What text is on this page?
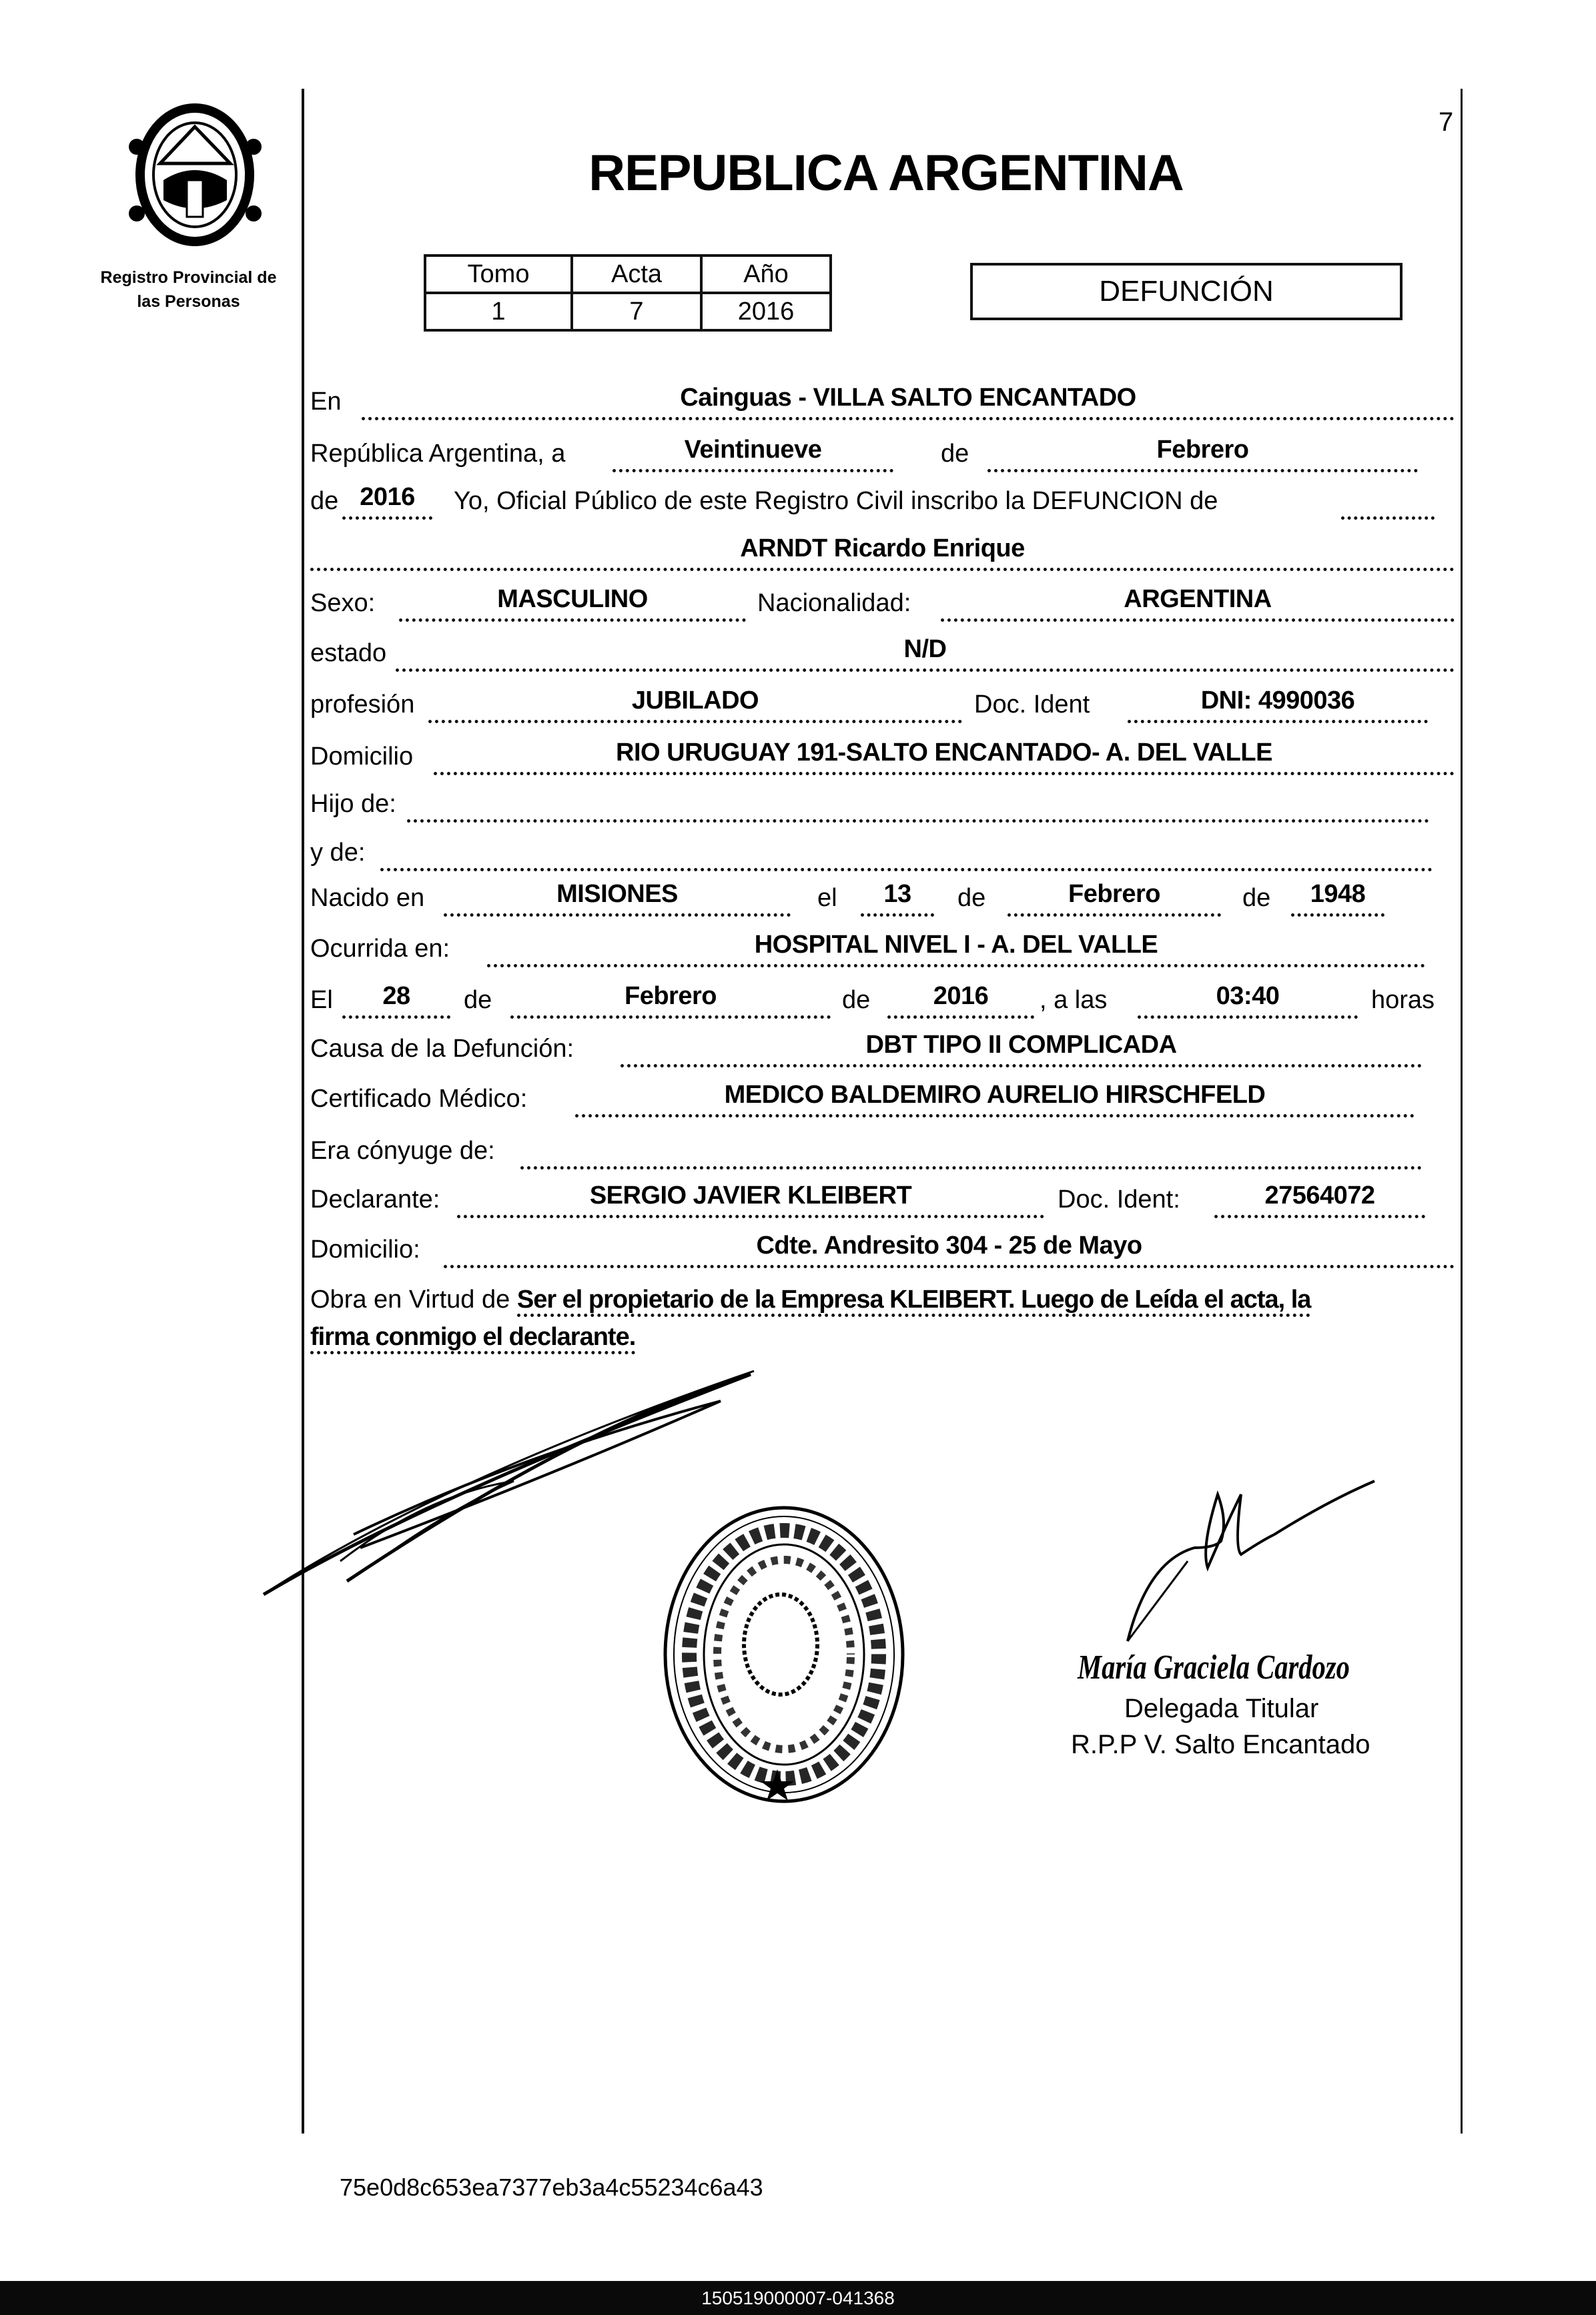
Registro Provincial de
las Personas
7
REPUBLICA ARGENTINA
Tomo	Acta	Año
1	7	2016
DEFUNCIÓN
En	Cainguas - VILLA SALTO ENCANTADO
República Argentina, a	Veintinueve	de	Febrero
de 2016	Yo, Oficial Público de este Registro Civil inscribo la DEFUNCION de
ARNDT Ricardo Enrique
Sexo:	MASCULINO	Nacionalidad:	ARGENTINA
estado	N/D
profesión	JUBILADO	Doc. Ident	DNI: 4990036
Domicilio	RIO URUGUAY 191-SALTO ENCANTADO- A. DEL VALLE
Hijo de:
y de:
Nacido en	MISIONES	el	13	de	Febrero	de	1948
Ocurrida en:	HOSPITAL NIVEL I - A. DEL VALLE
El	28	de	Febrero	de	2016	, a las	03:40	horas
Causa de la Defunción:	DBT TIPO II COMPLICADA
Certificado Médico:	MEDICO BALDEMIRO AURELIO HIRSCHFELD
Era cónyuge de:
Declarante:	SERGIO JAVIER KLEIBERT	Doc. Ident:	27564072
Domicilio:	Cdte. Andresito 304 - 25 de Mayo
Obra en Virtud de Ser el propietario de la Empresa KLEIBERT. Luego de Leída el acta, la
firma conmigo el declarante.
María Graciela Cardozo
Delegada Titular
R.P.P V. Salto Encantado
75e0d8c653ea7377eb3a4c55234c6a43
150519000007-041368
